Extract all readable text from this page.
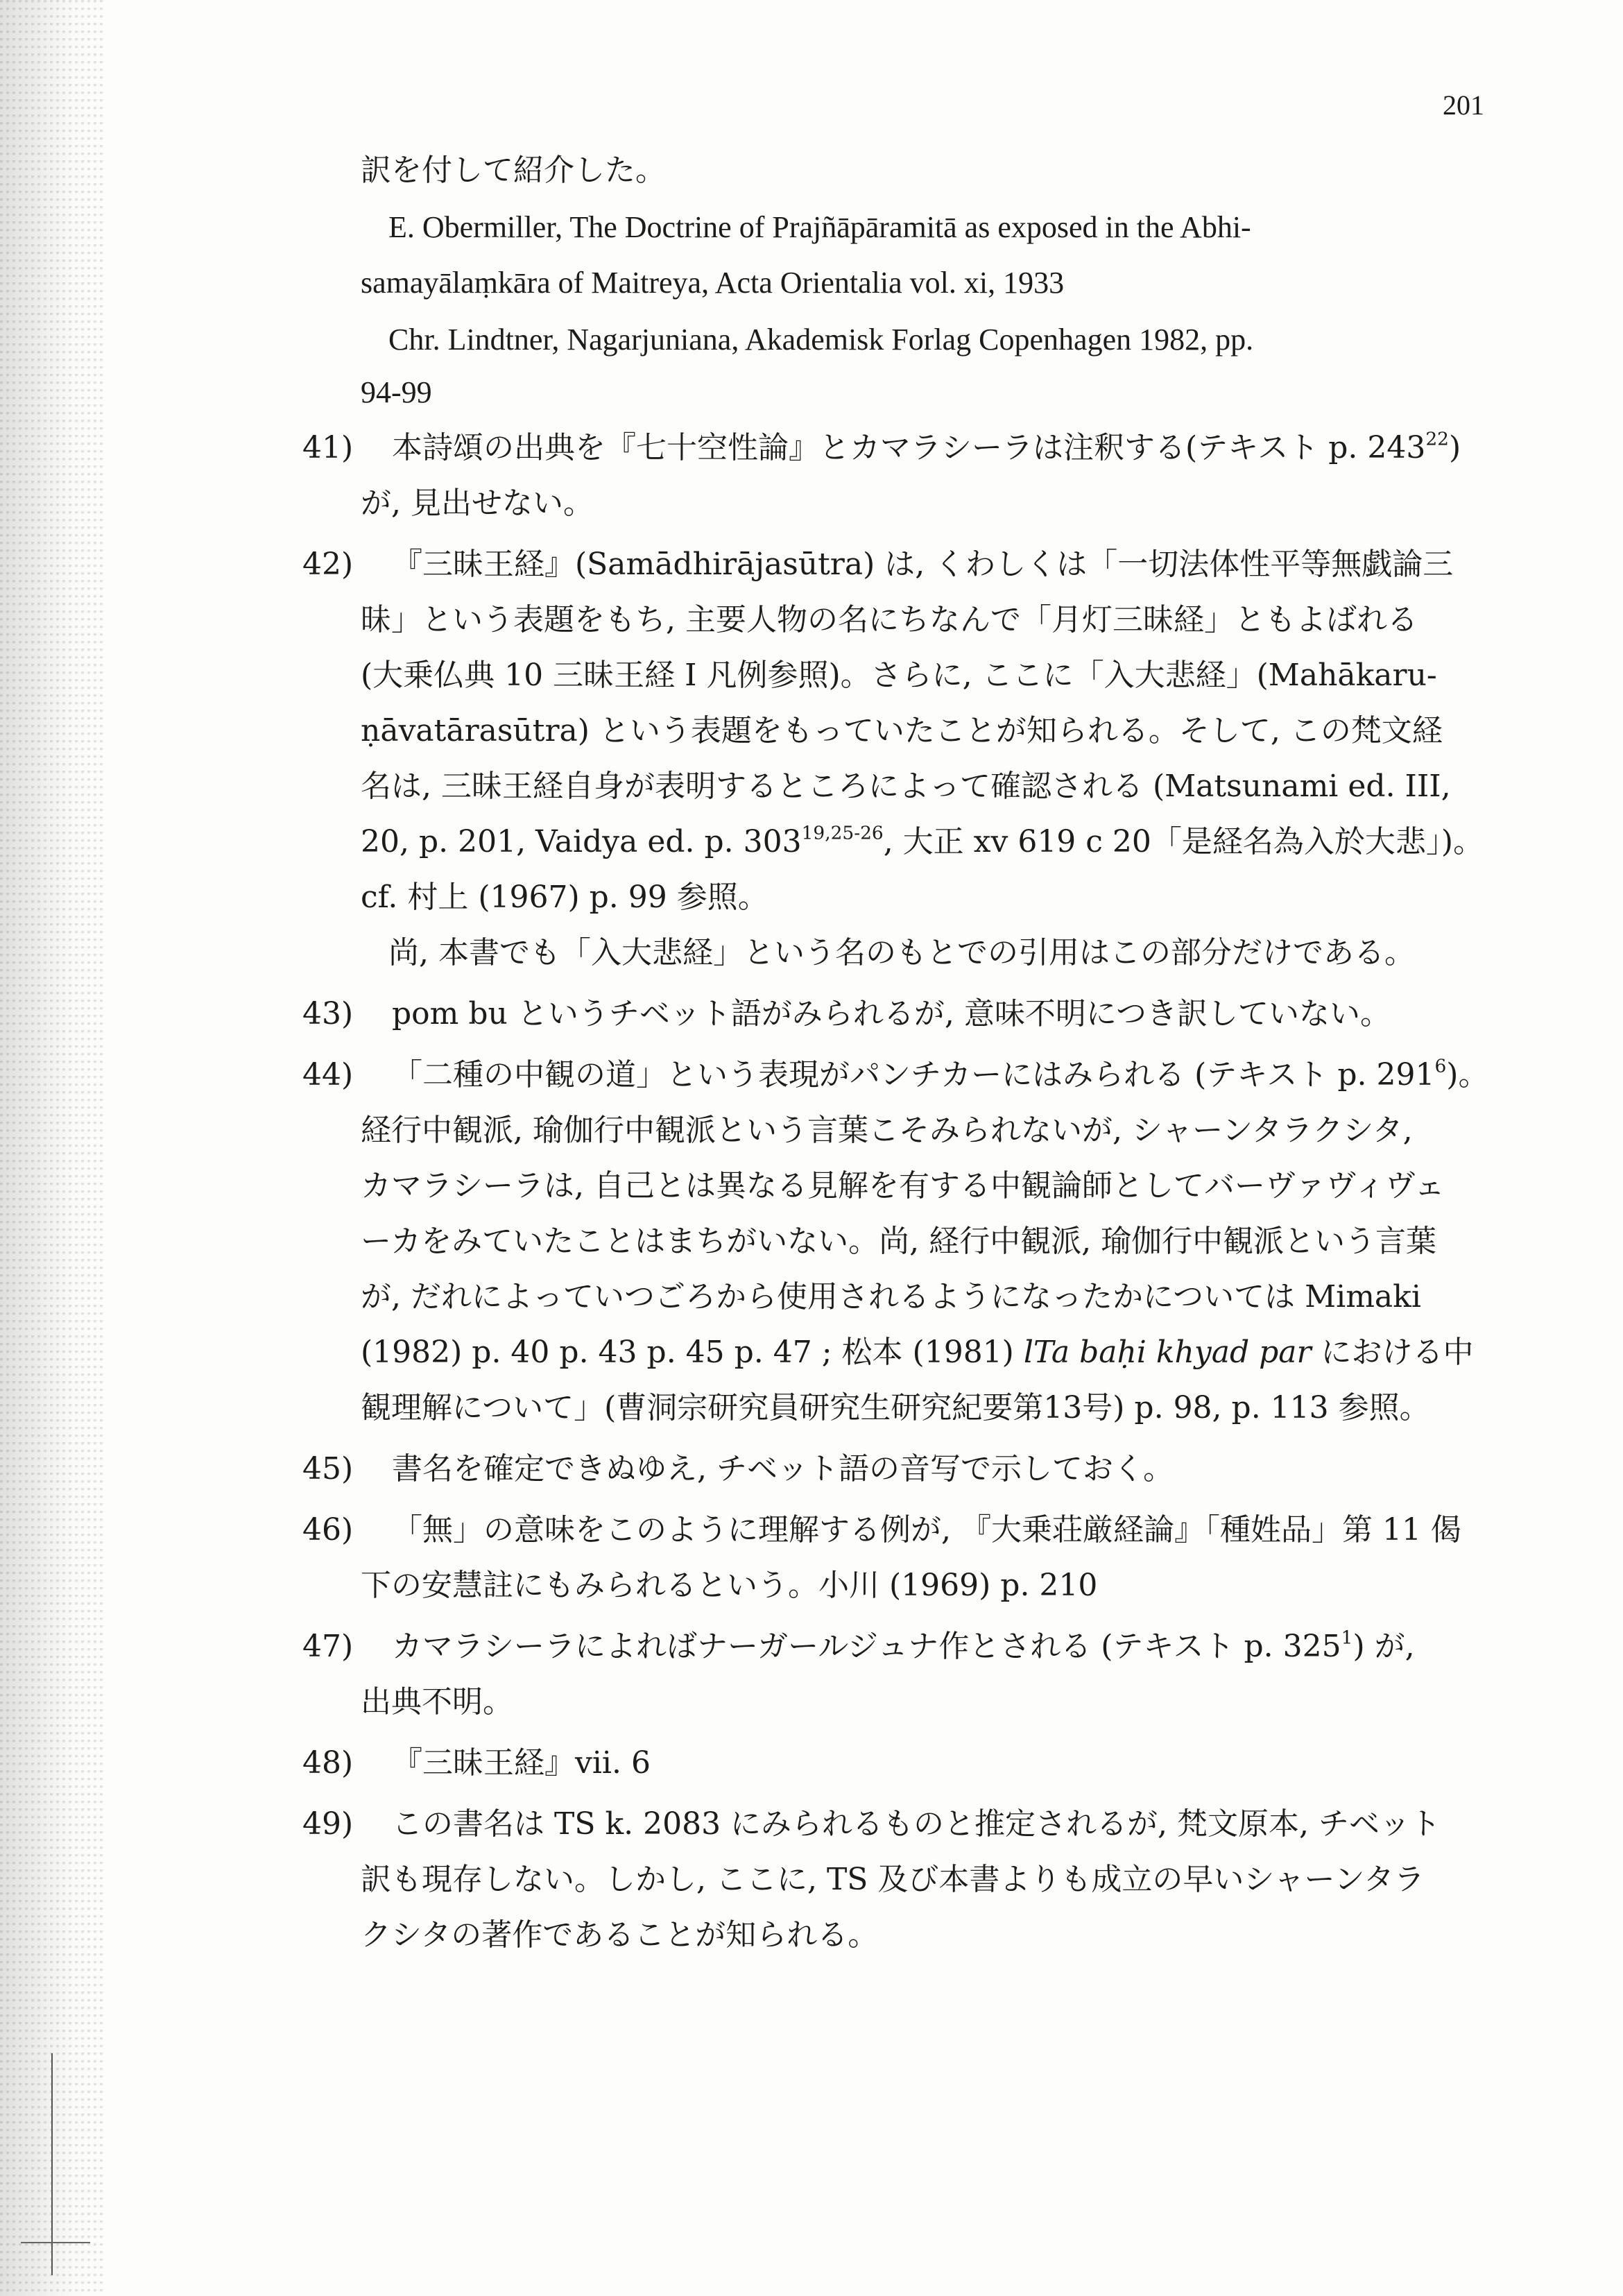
201
訳を付して紹介した。
E. Obermiller, The Doctrine of Prajñāpāramitā as exposed in the Abhi-
samayālaṃkāra of Maitreya, Acta Orientalia vol. xi, 1933
Chr. Lindtner, Nagarjuniana, Akademisk Forlag Copenhagen 1982, pp.
94-99
41) 本詩頌の出典を『七十空性論』とカマラシーラは注釈する(テキスト p. $243^{22}$)
が, 見出せない。
42) 『三昧王経』(Samādhirājasūtra) は, くわしくは「一切法体性平等無戯論三
昧」という表題をもち, 主要人物の名にちなんで「月灯三昧経」ともよばれる
(大乗仏典 10 三昧王経 I 凡例参照)。さらに, ここに「入大悲経」(Mahākaru-
ṇāvatārasūtra) という表題をもっていたことが知られる。そして, この梵文経
名は, 三昧王経自身が表明するところによって確認される (Matsunami ed. III,
20, p. 201, Vaidya ed. p. 303$^{19,25-26}$, 大正 xv 619 c 20「是経名為入於大悲」)。
cf. 村上 (1967) p. 99 参照。
尚, 本書でも「入大悲経」という名のもとでの引用はこの部分だけである。
43) pom bu というチベット語がみられるが, 意味不明につき訳していない。
44) 「二種の中観の道」という表現がパンチカーにはみられる (テキスト p. $291^6$)。
経行中観派, 瑜伽行中観派という言葉こそみられないが, シャーンタラクシタ,
カマラシーラは, 自己とは異なる見解を有する中観論師としてバーヴァヴィヴェ
ーカをみていたことはまちがいない。尚, 経行中観派, 瑜伽行中観派という言葉
が, だれによっていつごろから使用されるようになったかについては Mimaki
(1982) p. 40 p. 43 p. 45 p. 47 ; 松本 (1981) lTa baḥi khyad par における中
観理解について」(曹洞宗研究員研究生研究紀要第13号) p. 98, p. 113 参照。
45) 書名を確定できぬゆえ, チベット語の音写で示しておく。
46) 「無」の意味をこのように理解する例が, 『大乗荘厳経論』「種姓品」第 11 偈
下の安慧註にもみられるという。小川 (1969) p. 210
47) カマラシーラによればナーガールジュナ作とされる (テキスト p. $325^1$) が,
出典不明。
48) 『三昧王経』vii. 6
49) この書名は TS k. 2083 にみられるものと推定されるが, 梵文原本, チベット
訳も現存しない。しかし, ここに, TS 及び本書よりも成立の早いシャーンタラ
クシタの著作であることが知られる。
